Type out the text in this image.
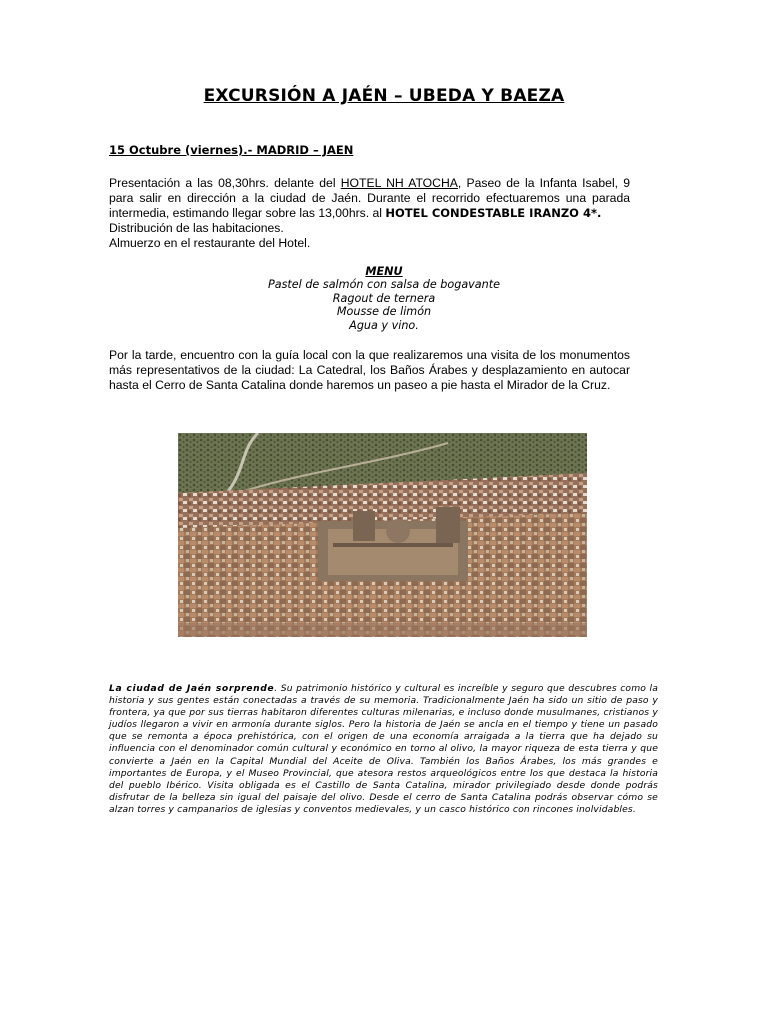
EXCURSIÓN A JAÉN – UBEDA Y BAEZA
15 Octubre (viernes).- MADRID – JAEN
Presentación a las 08,30hrs. delante del HOTEL NH ATOCHA, Paseo de la Infanta Isabel, 9 para salir en dirección a la ciudad de Jaén. Durante el recorrido efectuaremos una parada intermedia, estimando llegar sobre las 13,00hrs. al HOTEL CONDESTABLE IRANZO 4*.
Distribución de las habitaciones.
Almuerzo en el restaurante del Hotel.
MENU
Pastel de salmón con salsa de bogavante
Ragout de ternera
Mousse de limón
Agua y vino.
Por la tarde, encuentro con la guía local con la que realizaremos una visita de los monumentos
más representativos de la ciudad: La Catedral, los Baños Árabes y desplazamiento en autocar
hasta el Cerro de Santa Catalina donde haremos un paseo a pie hasta el Mirador de la Cruz.
La ciudad de Jaén sorprende. Su patrimonio histórico y cultural es increíble y seguro que descubres como la historia y sus gentes están conectadas a través de su memoria. Tradicionalmente Jaén ha sido un sitio de paso y frontera, ya que por sus tierras habitaron diferentes culturas milenarias, e incluso donde musulmanes, cristianos y judíos llegaron a vivir en armonía durante siglos. Pero la historia de Jaén se ancla en el tiempo y tiene un pasado que se remonta a época prehistórica, con el origen de una economía arraigada a la tierra que ha dejado su influencia con el denominador común cultural y económico en torno al olivo, la mayor riqueza de esta tierra y que convierte a Jaén en la Capital Mundial del Aceite de Oliva. También los Baños Árabes, los más grandes e importantes de Europa, y el Museo Provincial, que atesora restos arqueológicos entre los que destaca la historia del pueblo Ibérico. Visita obligada es el Castillo de Santa Catalina, mirador privilegiado desde donde podrás disfrutar de la belleza sin igual del paisaje del olivo. Desde el cerro de Santa Catalina podrás observar cómo se alzan torres y campanarios de iglesias y conventos medievales, y un casco histórico con rincones inolvidables.
